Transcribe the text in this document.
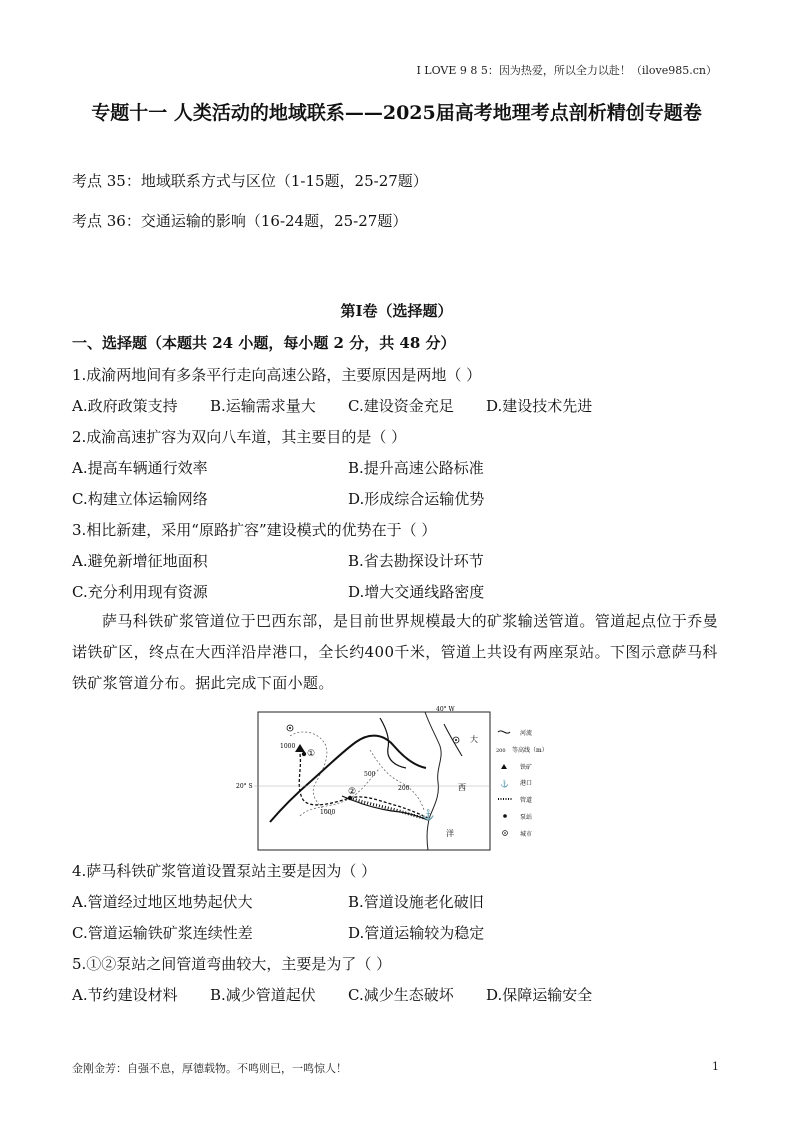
I LOVE 9 8 5：因为热爱，所以全力以赴！（ilove985.cn）
专题十一 人类活动的地域联系——2025届高考地理考点剖析精创专题卷
考点 35：地域联系方式与区位（1-15题，25-27题）
考点 36：交通运输的影响（16-24题，25-27题）
第Ⅰ卷（选择题）
一、选择题（本题共 24 小题，每小题 2 分，共 48 分）
1.成渝两地间有多条平行走向高速公路，主要原因是两地（ ）
A.政府政策支持 B.运输需求量大 C.建设资金充足 D.建设技术先进
2.成渝高速扩容为双向八车道，其主要目的是（ ）
A.提高车辆通行效率	B.提升高速公路标准
C.构建立体运输网络	D.形成综合运输优势
3.相比新建，采用“原路扩容”建设模式的优势在于（ ）
A.避免新增征地面积	B.省去勘探设计环节
C.充分利用现有资源	D.增大交通线路密度
萨马科铁矿浆管道位于巴西东部，是目前世界规模最大的矿浆输送管道。管道起点位于乔曼诺铁矿区，终点在大西洋沿岸港口，全长约400千米，管道上共设有两座泵站。下图示意萨马科铁矿浆管道分布。据此完成下面小题。
⚓
40° W
20° S
大
西
洋
1000
500
1000
200
①
②
河流
200 等高线（m）
铁矿
⚓ 港口
管道
泵站
城市
4.萨马科铁矿浆管道设置泵站主要是因为（ ）
A.管道经过地区地势起伏大	B.管道设施老化破旧
C.管道运输铁矿浆连续性差	D.管道运输较为稳定
5.①②泵站之间管道弯曲较大，主要是为了（ ）
A.节约建设材料 B.减少管道起伏 C.减少生态破坏 D.保障运输安全
金刚金芳：自强不息，厚德载物。不鸣则已，一鸣惊人！	1
